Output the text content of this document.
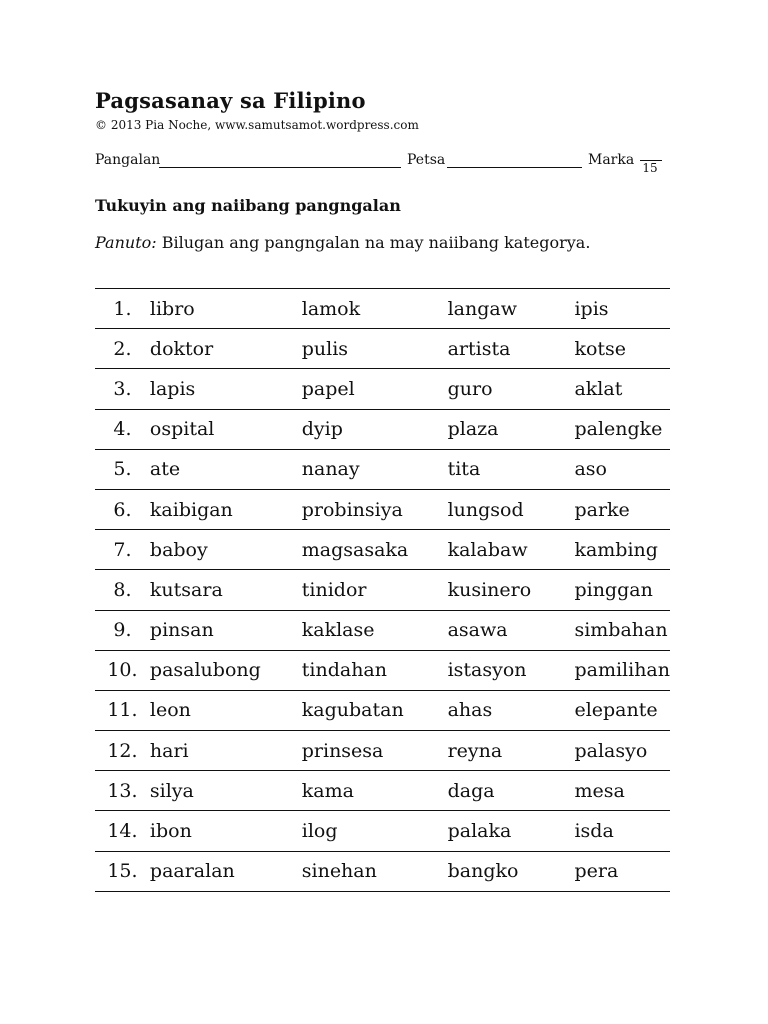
Pagsasanay sa Filipino
© 2013 Pia Noche, www.samutsamot.wordpress.com
Pangalan	Petsa	Marka 15
Tukuyin ang naiibang pangngalan
Panuto: Bilugan ang pangngalan na may naiibang kategorya.
1.	libro	lamok	langaw	ipis
2.	doktor	pulis	artista	kotse
3.	lapis	papel	guro	aklat
4.	ospital	dyip	plaza	palengke
5.	ate	nanay	tita	aso
6.	kaibigan	probinsiya	lungsod	parke
7.	baboy	magsasaka	kalabaw	kambing
8.	kutsara	tinidor	kusinero	pinggan
9.	pinsan	kaklase	asawa	simbahan
10.	pasalubong	tindahan	istasyon	pamilihan
11.	leon	kagubatan	ahas	elepante
12.	hari	prinsesa	reyna	palasyo
13.	silya	kama	daga	mesa
14.	ibon	ilog	palaka	isda
15.	paaralan	sinehan	bangko	pera
